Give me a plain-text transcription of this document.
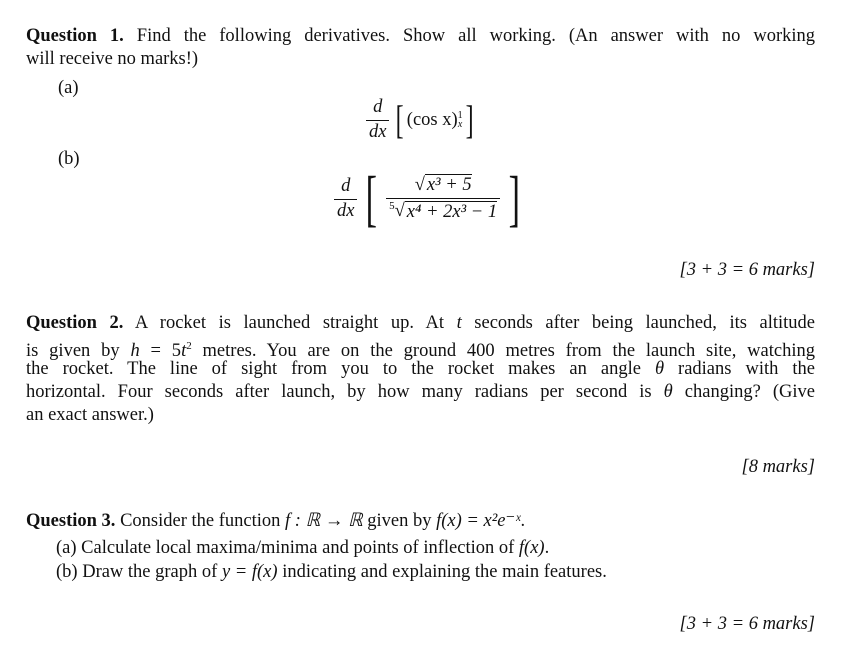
Question 1. Find the following derivatives. Show all working. (An answer with no working
will receive no marks!)
(a)
$\frac{d}{dx}$ [ (cos x) 1
x ]
(b)
$\frac{d}{dx}$ [ $\frac{\text{√ x³ + 5}}{^5√ x^4 + 2x^3 - 1}$ ]
[3 + 3 = 6 marks]
Question 2. A rocket is launched straight up. At t seconds after being launched, its altitude
is given by $h = 5t^2$ metres. You are on the ground 400 metres from the launch site, watching
the rocket. The line of sight from you to the rocket makes an angle θ radians with the
horizontal. Four seconds after launch, by how many radians per second is θ changing? (Give
an exact answer.)
[8 marks]
Question 3. Consider the function f : ℝ → ℝ given by f(x) = x²e⁻ˣ.
(a) Calculate local maxima/minima and points of inflection of f(x).
(b) Draw the graph of y = f(x) indicating and explaining the main features.
[3 + 3 = 6 marks]
